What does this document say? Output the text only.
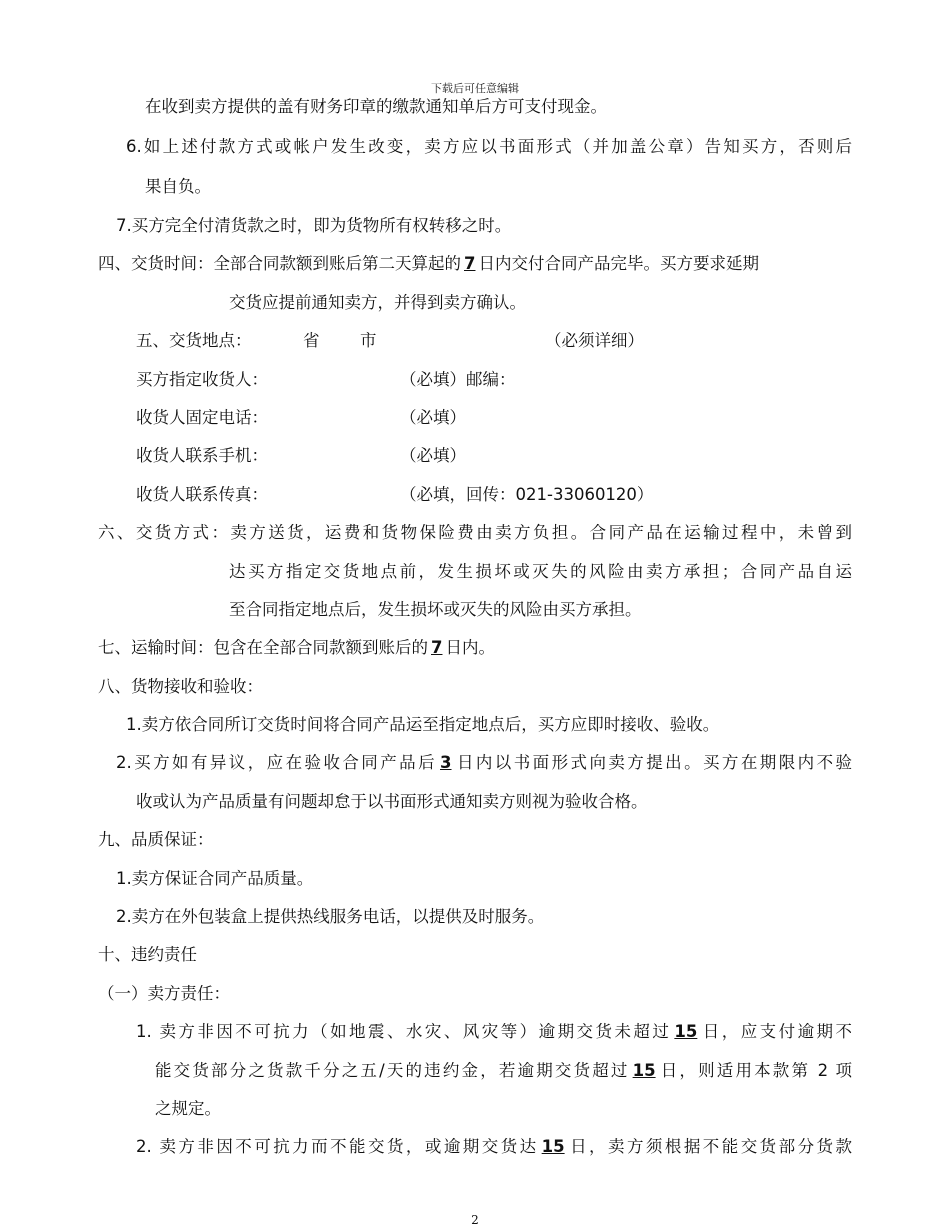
下载后可任意编辑
在收到卖方提供的盖有财务印章的缴款通知单后方可支付现金。
6.如上述付款方式或帐户发生改变，卖方应以书面形式（并加盖公章）告知买方，否则后
果自负。
7.买方完全付清货款之时，即为货物所有权转移之时。
四、交货时间：全部合同款额到账后第二天算起的 7 日内交付合同产品完毕。买方要求延期
交货应提前通知卖方，并得到卖方确认。
五、交货地点：	省 市	（必须详细）
买方指定收货人：	（必填）邮编：
收货人固定电话：	（必填）
收货人联系手机：	（必填）
收货人联系传真：	（必填，回传：021-33060120）
六、交货方式：卖方送货，运费和货物保险费由卖方负担。合同产品在运输过程中，未曾到
达买方指定交货地点前，发生损坏或灭失的风险由卖方承担；合同产品自运
至合同指定地点后，发生损坏或灭失的风险由买方承担。
七、运输时间：包含在全部合同款额到账后的 7 日内。
八、货物接收和验收：
1.卖方依合同所订交货时间将合同产品运至指定地点后，买方应即时接收、验收。
2.买方如有异议，应在验收合同产品后 3 日内以书面形式向卖方提出。买方在期限内不验
收或认为产品质量有问题却怠于以书面形式通知卖方则视为验收合格。
九、品质保证：
1.卖方保证合同产品质量。
2.卖方在外包装盒上提供热线服务电话，以提供及时服务。
十、违约责任
（一）卖方责任：
1. 卖方非因不可抗力（如地震、水灾、风灾等）逾期交货未超过 15 日，应支付逾期不
能交货部分之货款千分之五/天的违约金，若逾期交货超过 15 日，则适用本款第 2 项
之规定。
2. 卖方非因不可抗力而不能交货，或逾期交货达 15 日，卖方须根据不能交货部分货款
2
